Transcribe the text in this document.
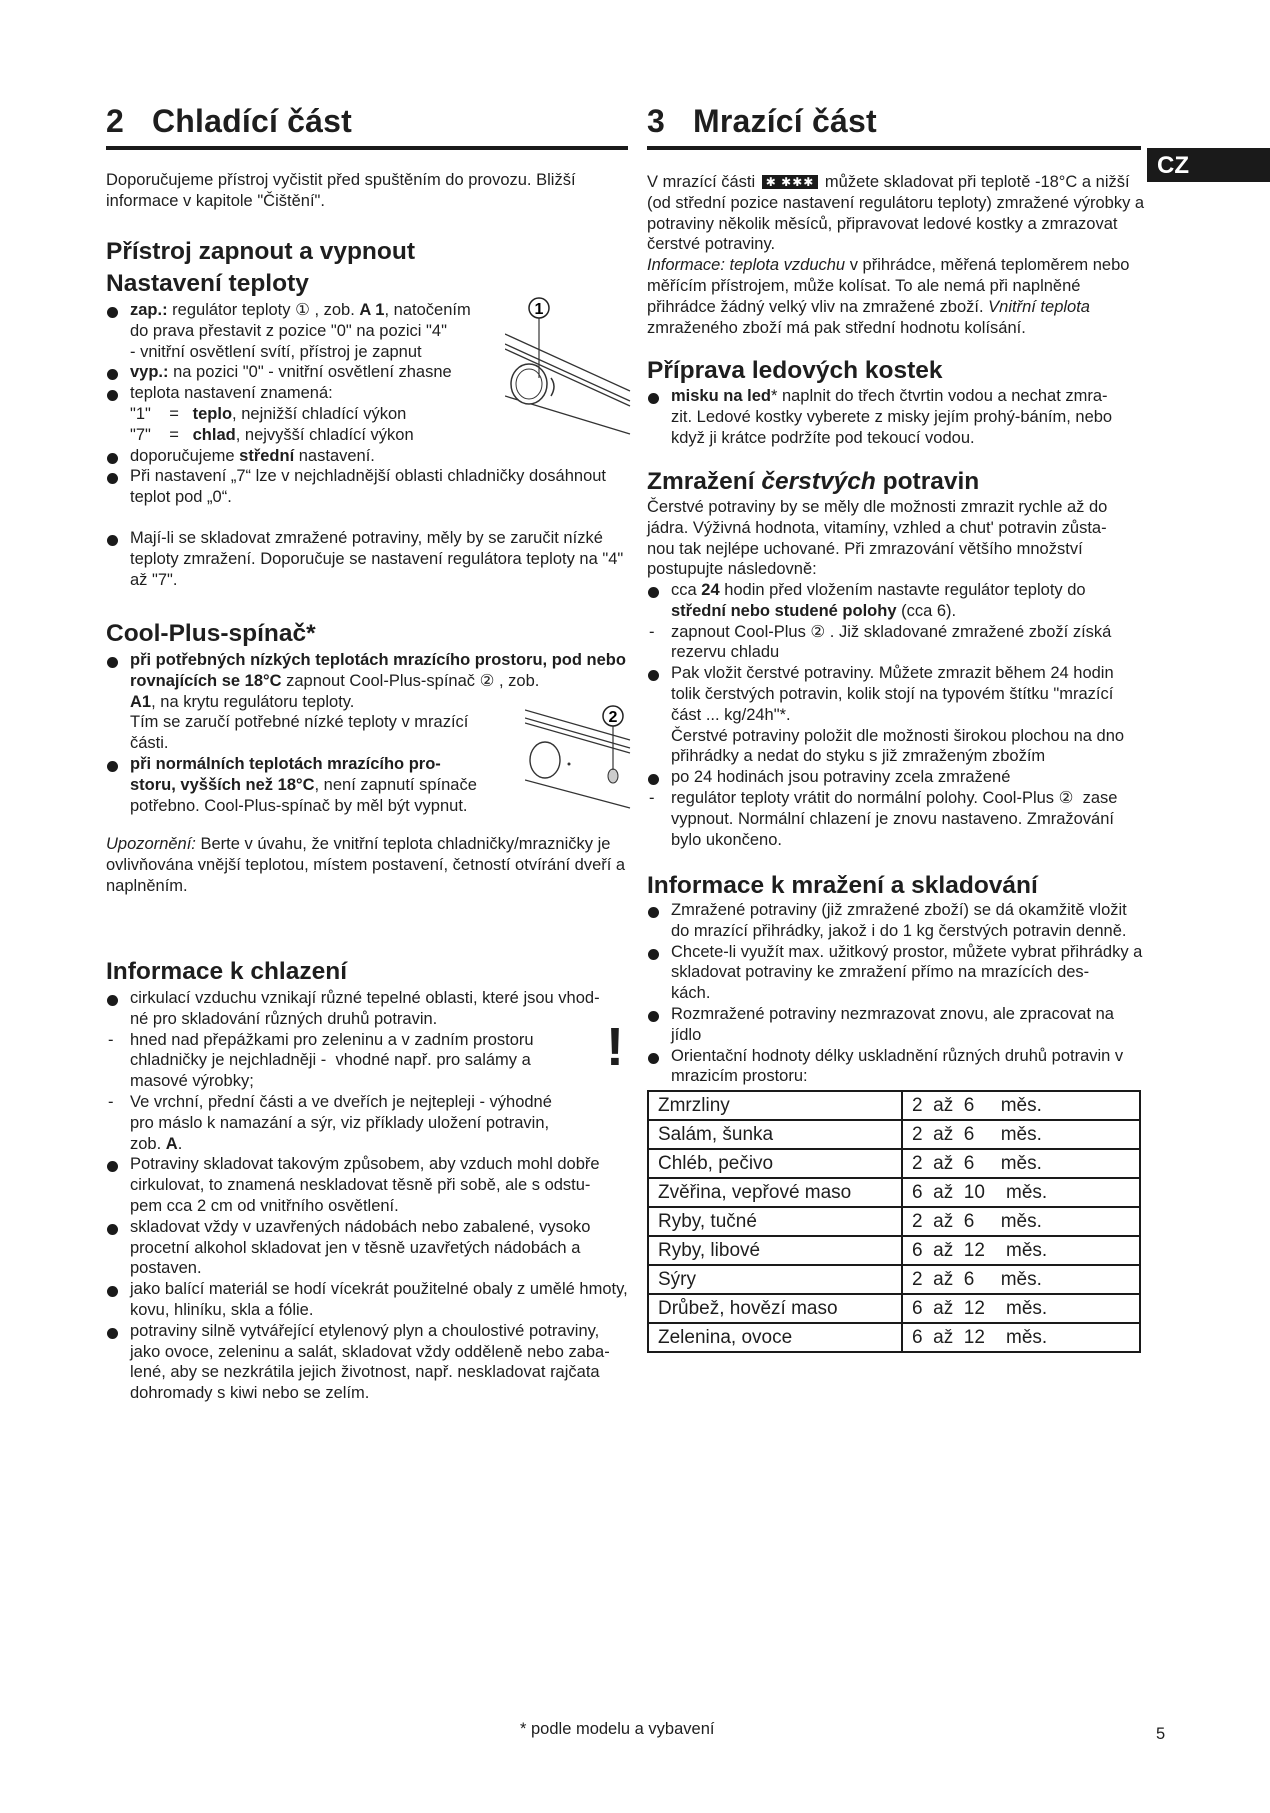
2 Chladící část
Doporučujeme přístroj vyčistit před spuštěním do provozu. Bližší informace v kapitole "Čištění".
Přístroj zapnout a vypnout
Nastavení teploty
zap.: regulátor teploty ① , zob. A 1, natočením
do prava přestavit z pozice "0" na pozici "4"
- vnitřní osvětlení svítí, přístroj je zapnut
vyp.: na pozici "0" - vnitřní osvětlení zhasne
teplota nastavení znamená:
"1"    =   teplo, nejnižší chladící výkon
"7"    =   chlad, nejvyšší chladící výkon
doporučujeme střední nastavení.
Při nastavení „7“ lze v nejchladnější oblasti chladničky dosáhnout teplot pod „0“.
Mají-li se skladovat zmražené potraviny, měly by se zaručit nízké teploty zmražení. Doporučuje se nastavení regulátora teploty na "4" až "7".
1
Cool-Plus-spínač*
při potřebných nízkých teplotách mrazícího prostoru, pod nebo rovnajících se 18°C zapnout Cool-Plus-spínač ② , zob.
A1, na krytu regulátoru teploty.
Tím se zaručí potřebné nízké teploty v mrazící
části.
při normálních teplotách mrazícího pro-
storu, vyšších než 18°C, není zapnutí spínače
potřebno. Cool-Plus-spínač by měl být vypnut.
2
Upozornění: Berte v úvahu, že vnitřní teplota chladničky/mrazničky je ovlivňována vnější teplotou, místem postavení, četností otvírání dveří a naplněním.
Informace k chlazení
cirkulací vzduchu vznikají různé tepelné oblasti, které jsou vhod-
né pro skladování různých druhů potravin.
hned nad přepážkami pro zeleninu a v zadním prostoru
chladničky je nejchladněji -  vhodné např. pro salámy a
masové výrobky;
Ve vrchní, přední části a ve dveřích je nejtepleji - výhodné
pro máslo k namazání a sýr, viz příklady uložení potravin,
zob. A.
Potraviny skladovat takovým způsobem, aby vzduch mohl dobře cirkulovat, to znamená neskladovat těsně při sobě, ale s odstu-
pem cca 2 cm od vnitřního osvětlení.
skladovat vždy v uzavřených nádobách nebo zabalené, vysoko procetní alkohol skladovat jen v těsně uzavřetých nádobách a postaven.
jako balící materiál se hodí vícekrát použitelné obaly z umělé hmoty, kovu, hliníku, skla a fólie.
potraviny silně vytvářející etylenový plyn a choulostivé potraviny, jako ovoce, zeleninu a salát, skladovat vždy odděleně nebo zaba-
lené, aby se nezkrátila jejich životnost, např. neskladovat rajčata dohromady s kiwi nebo se zelím.
!
3 Mrazící část
CZ
V mrazící části ✱ ✱✱✱ můžete skladovat při teplotě -18°C a nižší (od střední pozice nastavení regulátoru teploty) zmražené výrobky a potraviny několik měsíců, připravovat ledové kostky a zmrazovat čerstvé potraviny.
Informace: teplota vzduchu v přihrádce, měřená teploměrem nebo měřícím přístrojem, může kolísat. To ale nemá při naplněné přihrádce žádný velký vliv na zmražené zboží. Vnitřní teplota zmraženého zboží má pak střední hodnotu kolísání.
Příprava ledových kostek
misku na led* naplnit do třech čtvrtin vodou a nechat zmra-
zit. Ledové kostky vyberete z misky jejím prohý-báním, nebo když ji krátce podržíte pod tekoucí vodou.
Zmražení čerstvých potravin
Čerstvé potraviny by se měly dle možnosti zmrazit rychle až do jádra. Výživná hodnota, vitamíny, vzhled a chut' potravin zůsta-
nou tak nejlépe uchované. Při zmrazování většího množství postupujte následovně:
cca 24 hodin před vložením nastavte regulátor teploty do
střední nebo studené polohy (cca 6).
zapnout Cool-Plus ② . Již skladované zmražené zboží získá rezervu chladu
Pak vložit čerstvé potraviny. Můžete zmrazit během 24 hodin tolik čerstvých potravin, kolik stojí na typovém štítku "mrazící část ... kg/24h"*.
Čerstvé potraviny položit dle možnosti širokou plochou na dno přihrádky a nedat do styku s již zmraženým zbožím
po 24 hodinách jsou potraviny zcela zmražené
regulátor teploty vrátit do normální polohy. Cool-Plus ②  zase vypnout. Normální chlazení je znovu nastaveno. Zmražování bylo ukončeno.
Informace k mražení a skladování
Zmražené potraviny (již zmražené zboží) se dá okamžitě vložit do mrazící přihrádky, jakož i do 1 kg čerstvých potravin denně.
Chcete-li využít max. užitkový prostor, můžete vybrat přihrádky a skladovat potraviny ke zmražení přímo na mrazících des-
kách.
Rozmražené potraviny nezmrazovat znovu, ale zpracovat na jídlo
Orientační hodnoty délky uskladnění různých druhů potravin v mrazicím prostoru:
Zmrzliny	2  až  6     měs.
Salám, šunka	2  až  6     měs.
Chléb, pečivo	2  až  6     měs.
Zvěřina, vepřové maso	6  až  10    měs.
Ryby, tučné	2  až  6     měs.
Ryby, libové	6  až  12    měs.
Sýry	2  až  6     měs.
Drůbež, hovězí maso	6  až  12    měs.
Zelenina, ovoce	6  až  12    měs.
* podle modelu a vybavení	5
